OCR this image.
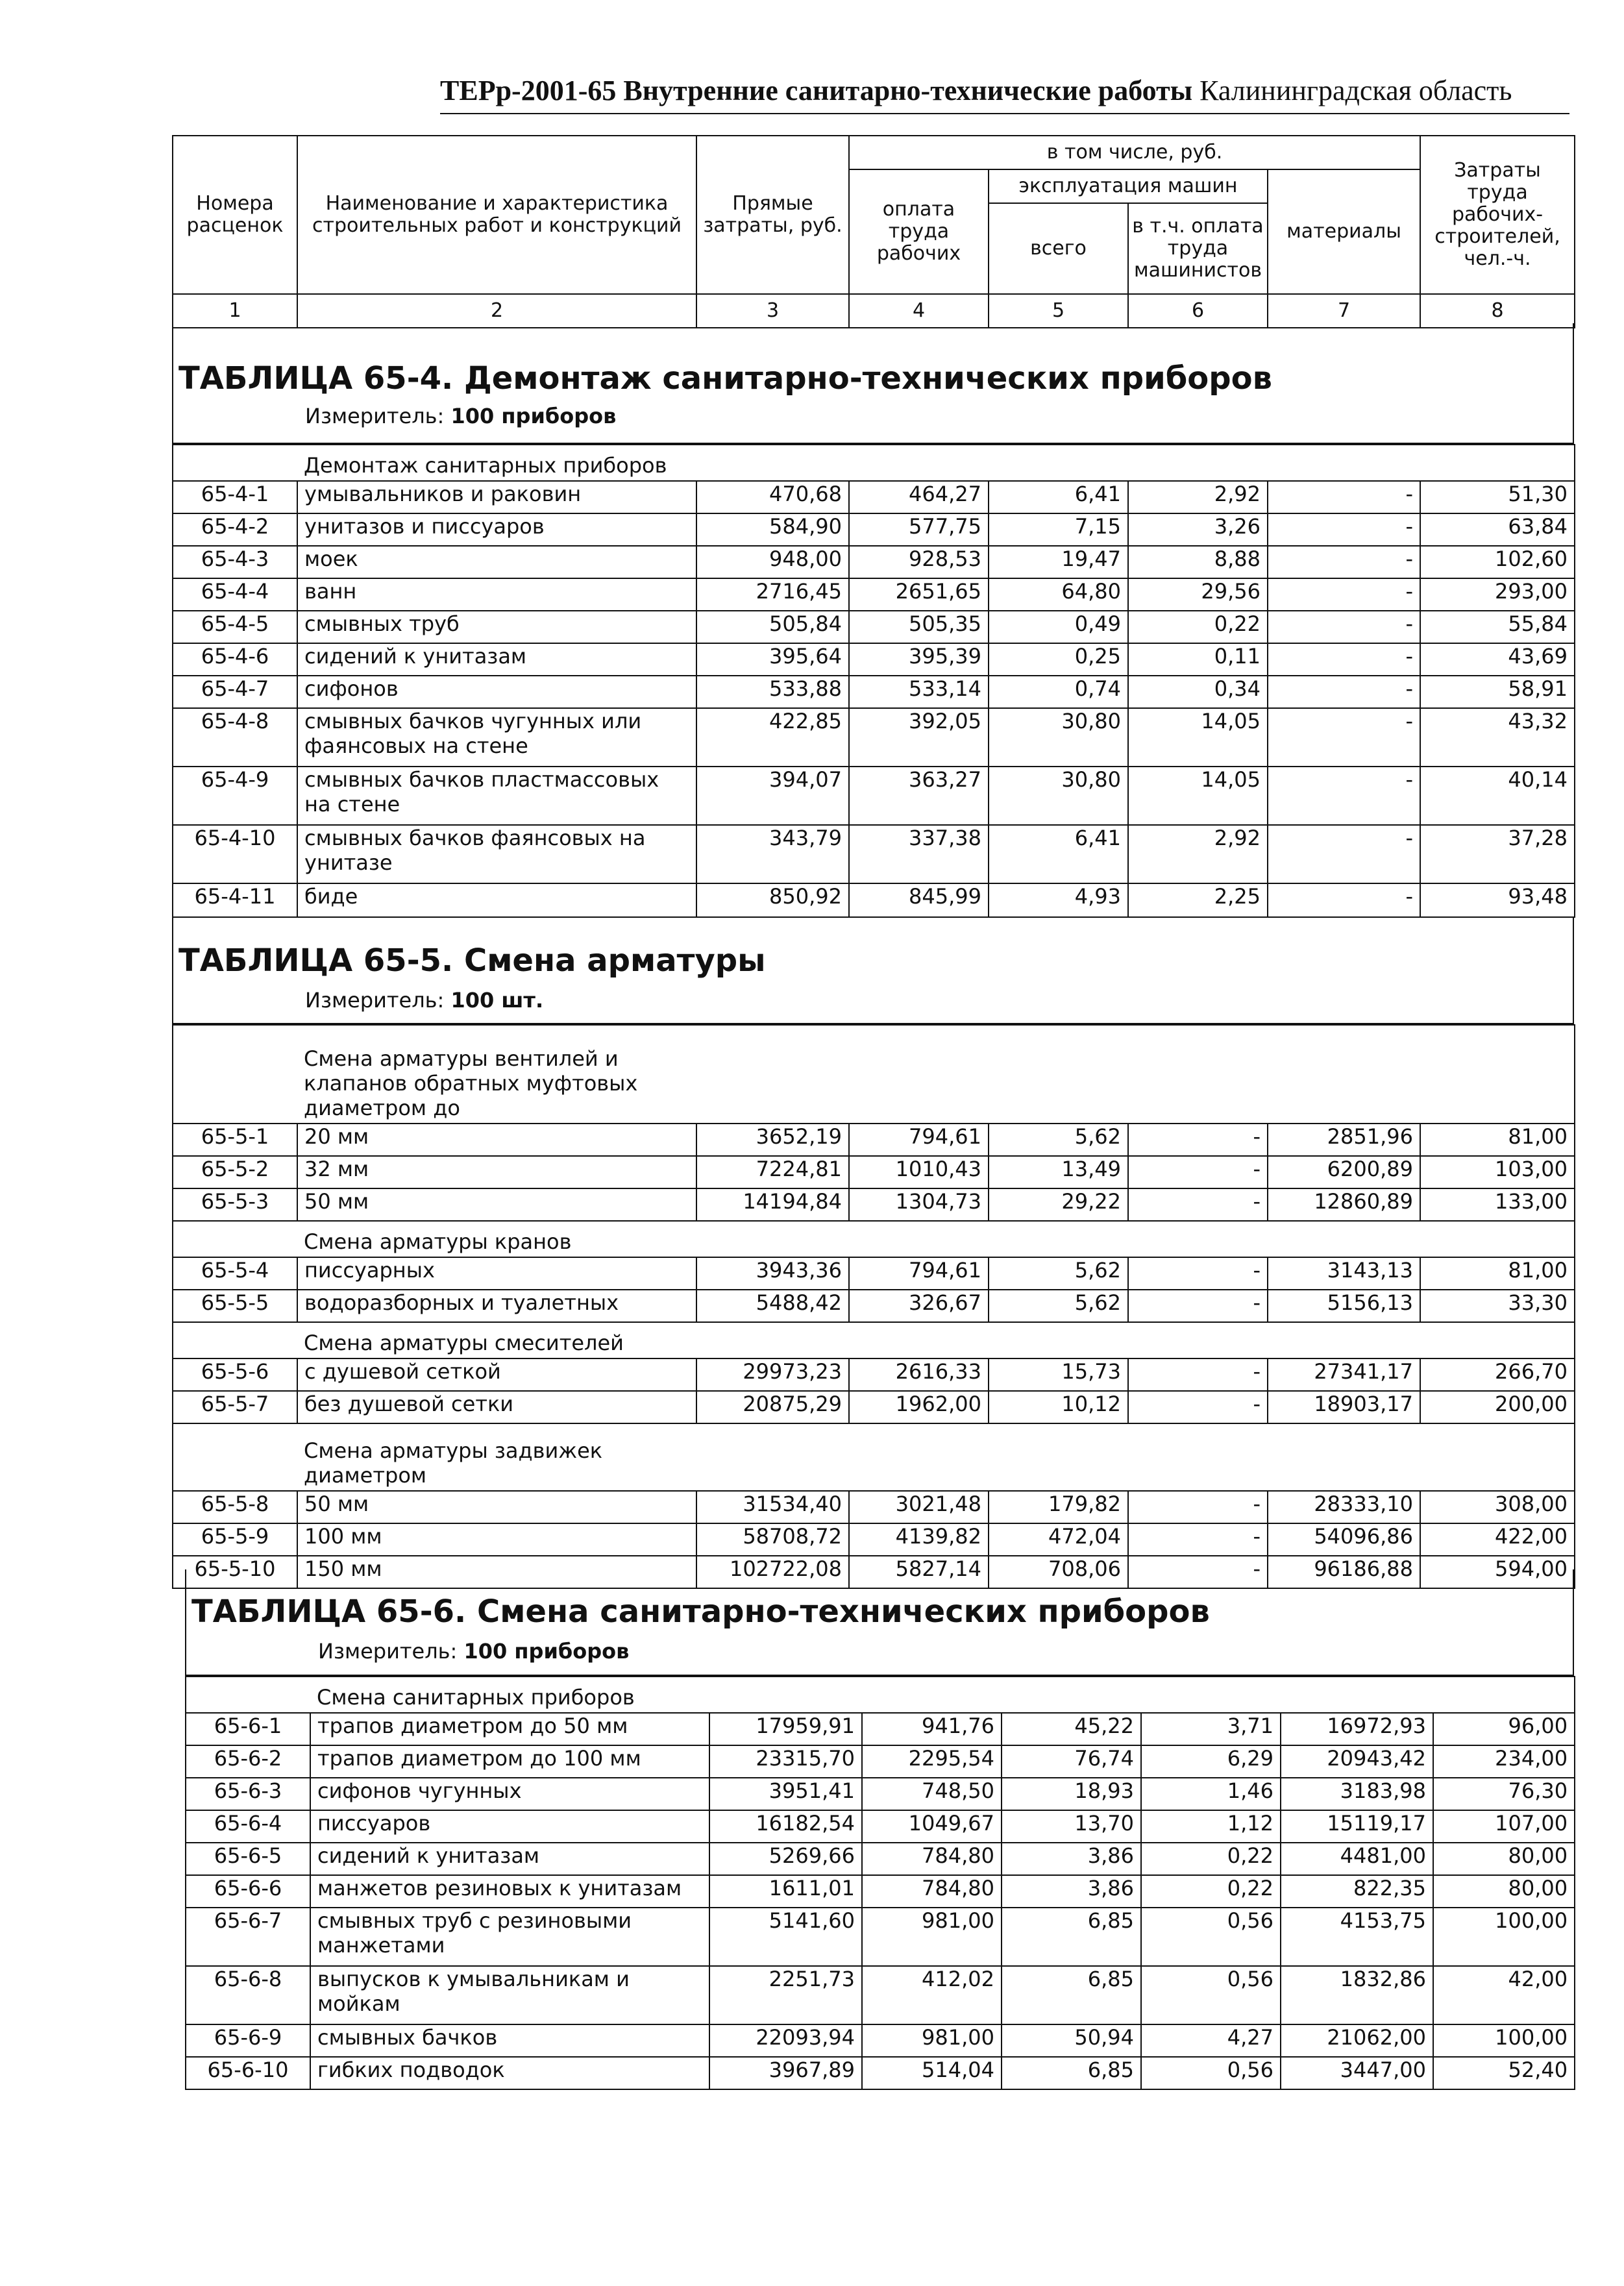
ТЕРр-2001-65 Внутренние санитарно-технические работы Калининградская область
Номера расценок	Наименование и характеристика строительных работ и конструкций	Прямые затраты, руб.	в том числе, руб.				Затраты труда рабочих-строителей, чел.-ч.
			оплата труда рабочих	эксплуатация машин		материалы	
				всего	в т.ч. оплата труда машинистов		
1	2	3	4	5	6	7	8
ТАБЛИЦА 65-4. Демонтаж санитарно-технических приборов
Измеритель: 100 приборов

	Демонтаж санитарных приборов						

65-4-1	умывальников и раковин	470,68	464,27	6,41	2,92	-	51,30
65-4-2	унитазов и писсуаров	584,90	577,75	7,15	3,26	-	63,84
65-4-3	моек	948,00	928,53	19,47	8,88	-	102,60
65-4-4	ванн	2716,45	2651,65	64,80	29,56	-	293,00
65-4-5	смывных труб	505,84	505,35	0,49	0,22	-	55,84
65-4-6	сидений к унитазам	395,64	395,39	0,25	0,11	-	43,69
65-4-7	сифонов	533,88	533,14	0,74	0,34	-	58,91
65-4-8	смывных бачков чугунных или фаянсовых на стене	422,85	392,05	30,80	14,05	-	43,32
65-4-9	смывных бачков пластмассовых на стене	394,07	363,27	30,80	14,05	-	40,14
65-4-10	смывных бачков фаянсовых на унитазе	343,79	337,38	6,41	2,92	-	37,28
65-4-11	биде	850,92	845,99	4,93	2,25	-	93,48
ТАБЛИЦА 65-5. Смена арматуры
Измеритель: 100 шт.

	Смена арматуры вентилей и клапанов обратных муфтовых диаметром до						

65-5-1	20 мм	3652,19	794,61	5,62	-	2851,96	81,00
65-5-2	32 мм	7224,81	1010,43	13,49	-	6200,89	103,00
65-5-3	50 мм	14194,84	1304,73	29,22	-	12860,89	133,00

	Смена арматуры кранов						

65-5-4	писсуарных	3943,36	794,61	5,62	-	3143,13	81,00
65-5-5	водоразборных и туалетных	5488,42	326,67	5,62	-	5156,13	33,30

	Смена арматуры смесителей						

65-5-6	с душевой сеткой	29973,23	2616,33	15,73	-	27341,17	266,70
65-5-7	без душевой сетки	20875,29	1962,00	10,12	-	18903,17	200,00

	Смена арматуры задвижек диаметром						

65-5-8	50 мм	31534,40	3021,48	179,82	-	28333,10	308,00
65-5-9	100 мм	58708,72	4139,82	472,04	-	54096,86	422,00
65-5-10	150 мм	102722,08	5827,14	708,06	-	96186,88	594,00
ТАБЛИЦА 65-6. Смена санитарно-технических приборов
Измеритель: 100 приборов

	Смена санитарных приборов						

65-6-1	трапов диаметром до 50 мм	17959,91	941,76	45,22	3,71	16972,93	96,00
65-6-2	трапов диаметром до 100 мм	23315,70	2295,54	76,74	6,29	20943,42	234,00
65-6-3	сифонов чугунных	3951,41	748,50	18,93	1,46	3183,98	76,30
65-6-4	писсуаров	16182,54	1049,67	13,70	1,12	15119,17	107,00
65-6-5	сидений к унитазам	5269,66	784,80	3,86	0,22	4481,00	80,00
65-6-6	манжетов резиновых к унитазам	1611,01	784,80	3,86	0,22	822,35	80,00
65-6-7	смывных труб с резиновыми манжетами	5141,60	981,00	6,85	0,56	4153,75	100,00
65-6-8	выпусков к умывальникам и мойкам	2251,73	412,02	6,85	0,56	1832,86	42,00
65-6-9	смывных бачков	22093,94	981,00	50,94	4,27	21062,00	100,00
65-6-10	гибких подводок	3967,89	514,04	6,85	0,56	3447,00	52,40
